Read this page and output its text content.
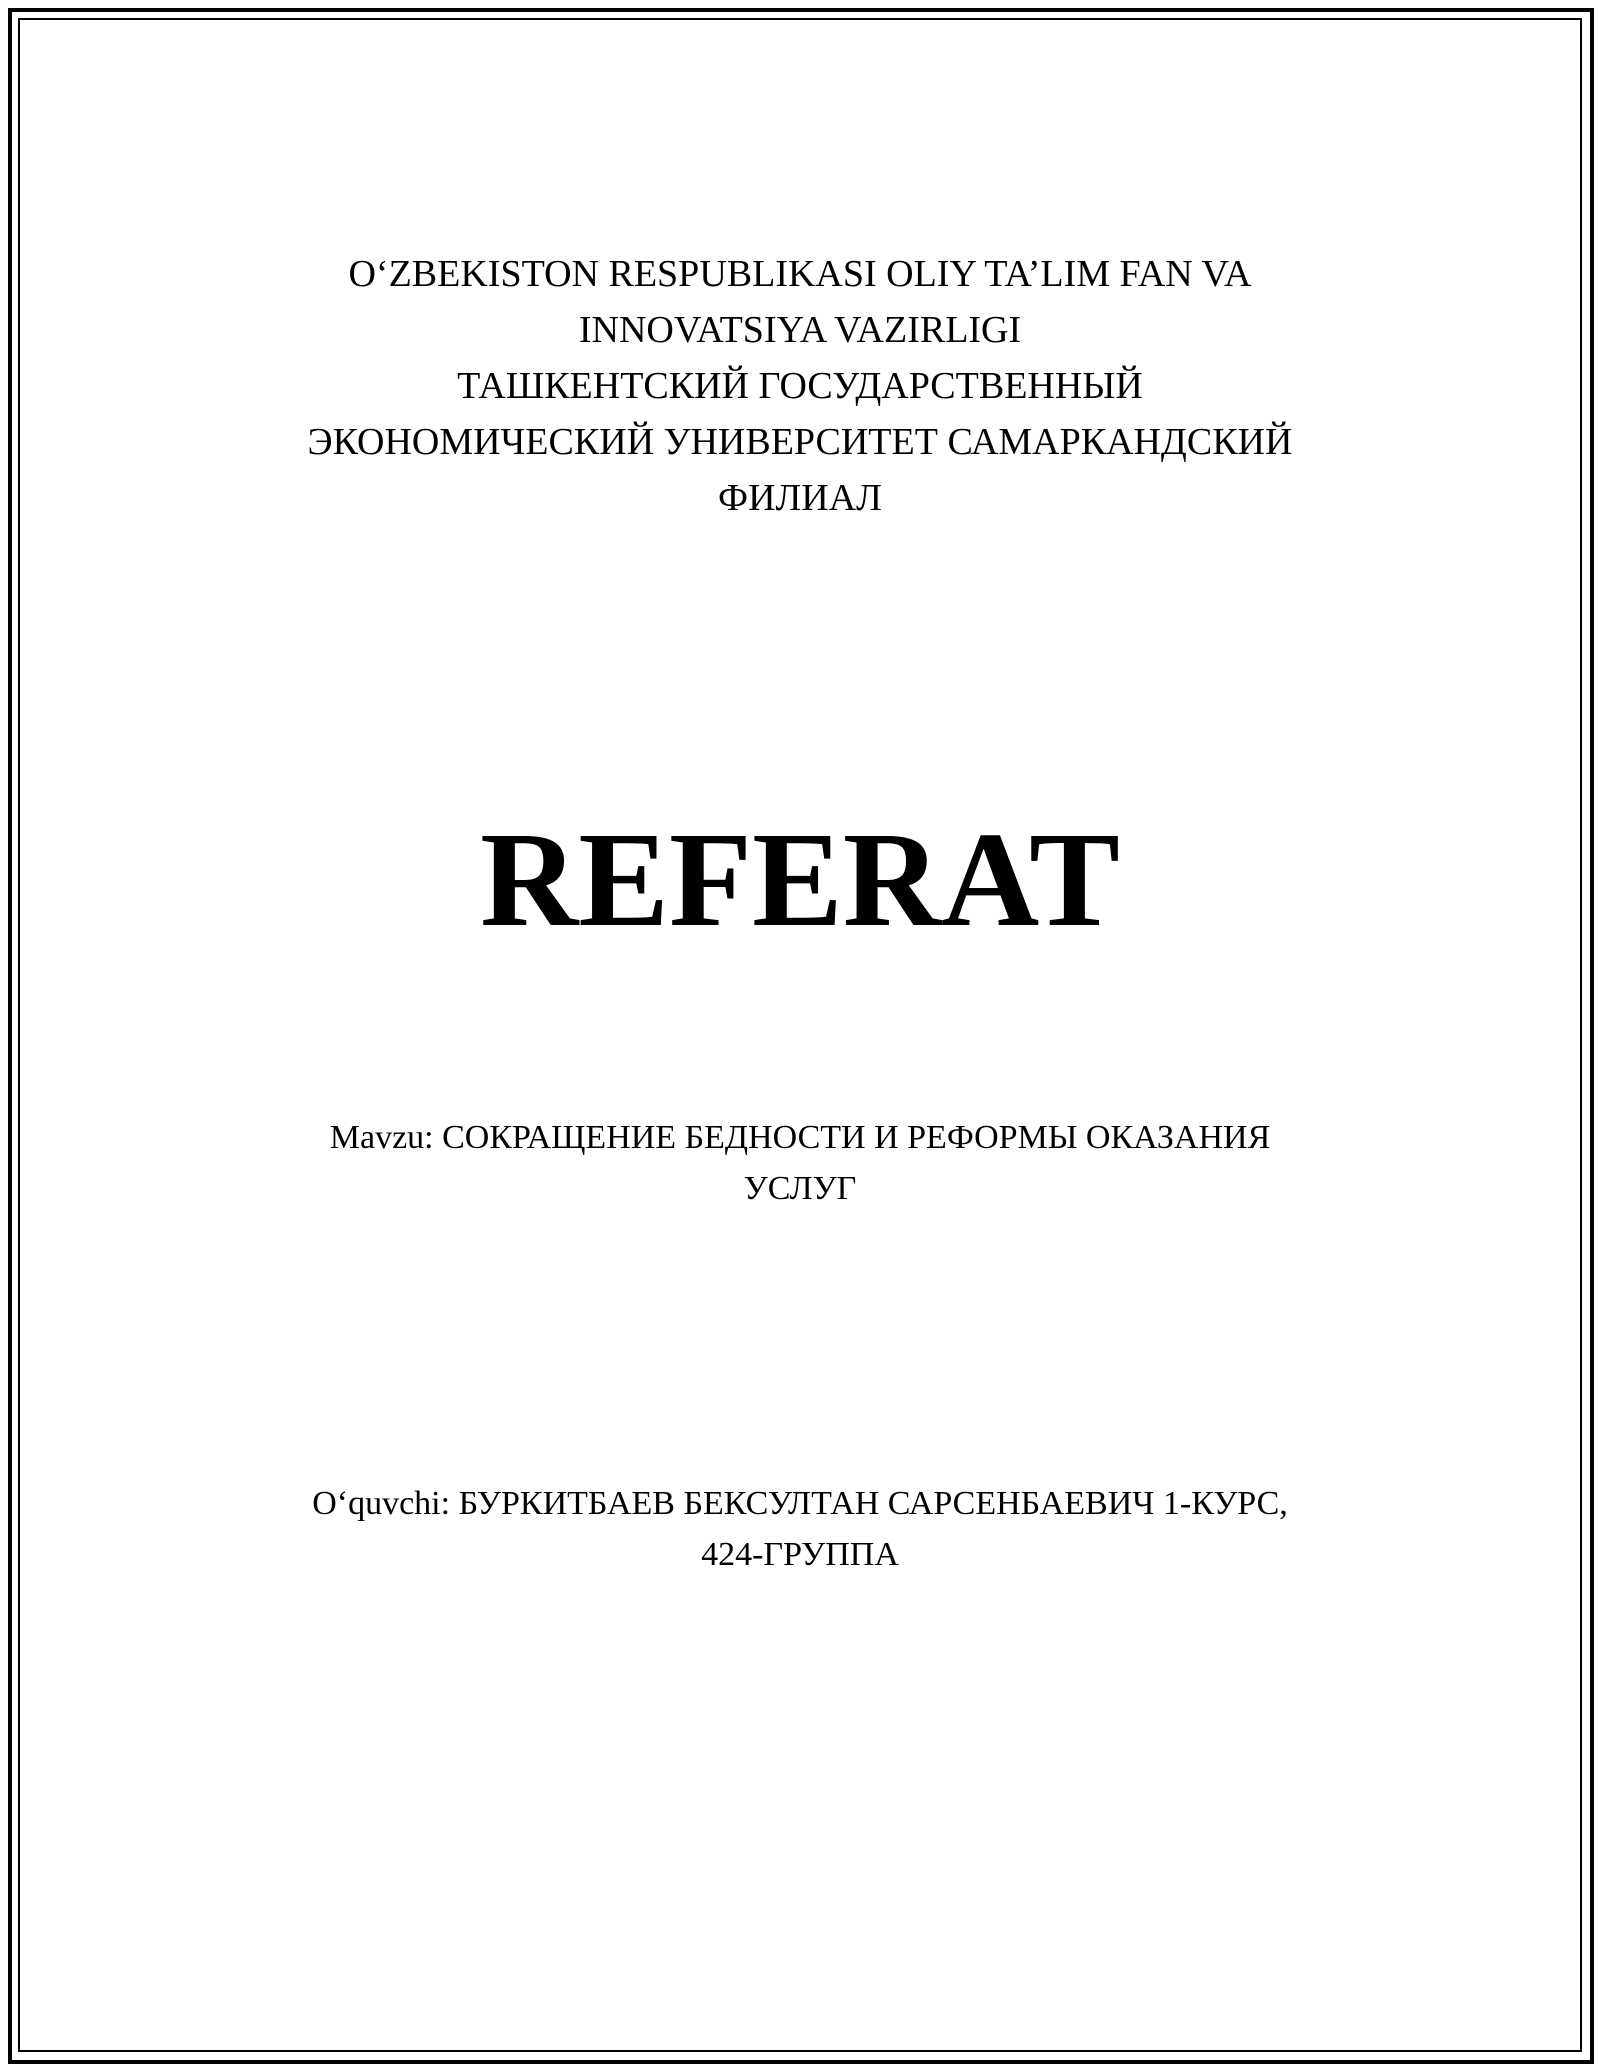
O‘ZBEKISTON RESPUBLIKASI OLIY TA’LIM FAN VA
INNOVATSIYA VAZIRLIGI
ТАШКЕНТСКИЙ ГОСУДАРСТВЕННЫЙ
ЭКОНОМИЧЕСКИЙ УНИВЕРСИТЕТ САМАРКАНДСКИЙ
ФИЛИАЛ
REFERAT
Mavzu: СОКРАЩЕНИЕ БЕДНОСТИ И РЕФОРМЫ ОКАЗАНИЯ
УСЛУГ
O‘quvchi: БУРКИТБАЕВ БЕКСУЛТАН САРСЕНБАЕВИЧ 1-КУРС,
424-ГРУППА
